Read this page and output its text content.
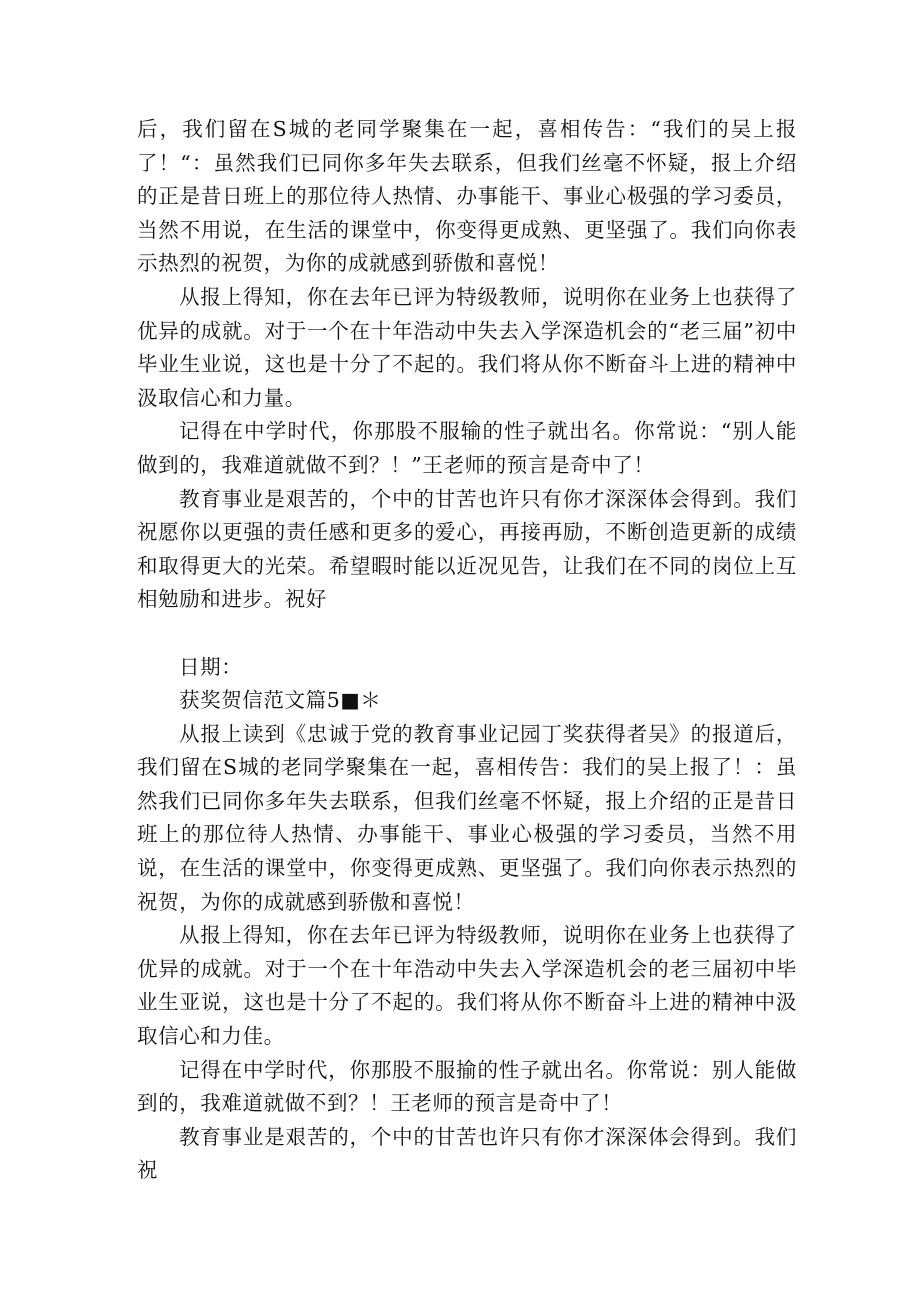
后，我们留在S城的老同学聚集在一起，喜相传告：“我们的吴上报了！“：虽然我们已同你多年失去联系，但我们丝毫不怀疑，报上介绍的正是昔日班上的那位待人热情、办事能干、事业心极强的学习委员，当然不用说，在生活的课堂中，你变得更成熟、更坚强了。我们向你表示热烈的祝贺，为你的成就感到骄傲和喜悦！

从报上得知，你在去年已评为特级教师，说明你在业务上也获得了优异的成就。对于一个在十年浩动中失去入学深造机会的“老三届”初中毕业生业说，这也是十分了不起的。我们将从你不断奋斗上进的精神中汲取信心和力量。

记得在中学时代，你那股不服输的性子就出名。你常说：“别人能做到的，我难道就做不到？！”王老师的预言是奇中了！

教育事业是艰苦的，个中的甘苦也许只有你才深深体会得到。我们祝愿你以更强的责任感和更多的爱心，再接再励，不断创造更新的成绩和取得更大的光荣。希望暇时能以近况见告，让我们在不同的岗位上互相勉励和进步。祝好

日期：

获奖贺信范文篇5■＊

从报上读到《忠诚于党的教育事业记园丁奖获得者吴》的报道后，我们留在S城的老同学聚集在一起，喜相传告：我们的吴上报了！：虽然我们已同你多年失去联系，但我们丝毫不怀疑，报上介绍的正是昔日班上的那位待人热情、办事能干、事业心极强的学习委员，当然不用说，在生活的课堂中，你变得更成熟、更坚强了。我们向你表示热烈的祝贺，为你的成就感到骄傲和喜悦！

从报上得知，你在去年已评为特级教师，说明你在业务上也获得了优异的成就。对于一个在十年浩动中失去入学深造机会的老三届初中毕业生亚说，这也是十分了不起的。我们将从你不断奋斗上进的精神中汲取信心和力佳。

记得在中学时代，你那股不服揄的性子就出名。你常说：别人能做到的，我难道就做不到？！王老师的预言是奇中了！

教育事业是艰苦的，个中的甘苦也许只有你才深深体会得到。我们祝
